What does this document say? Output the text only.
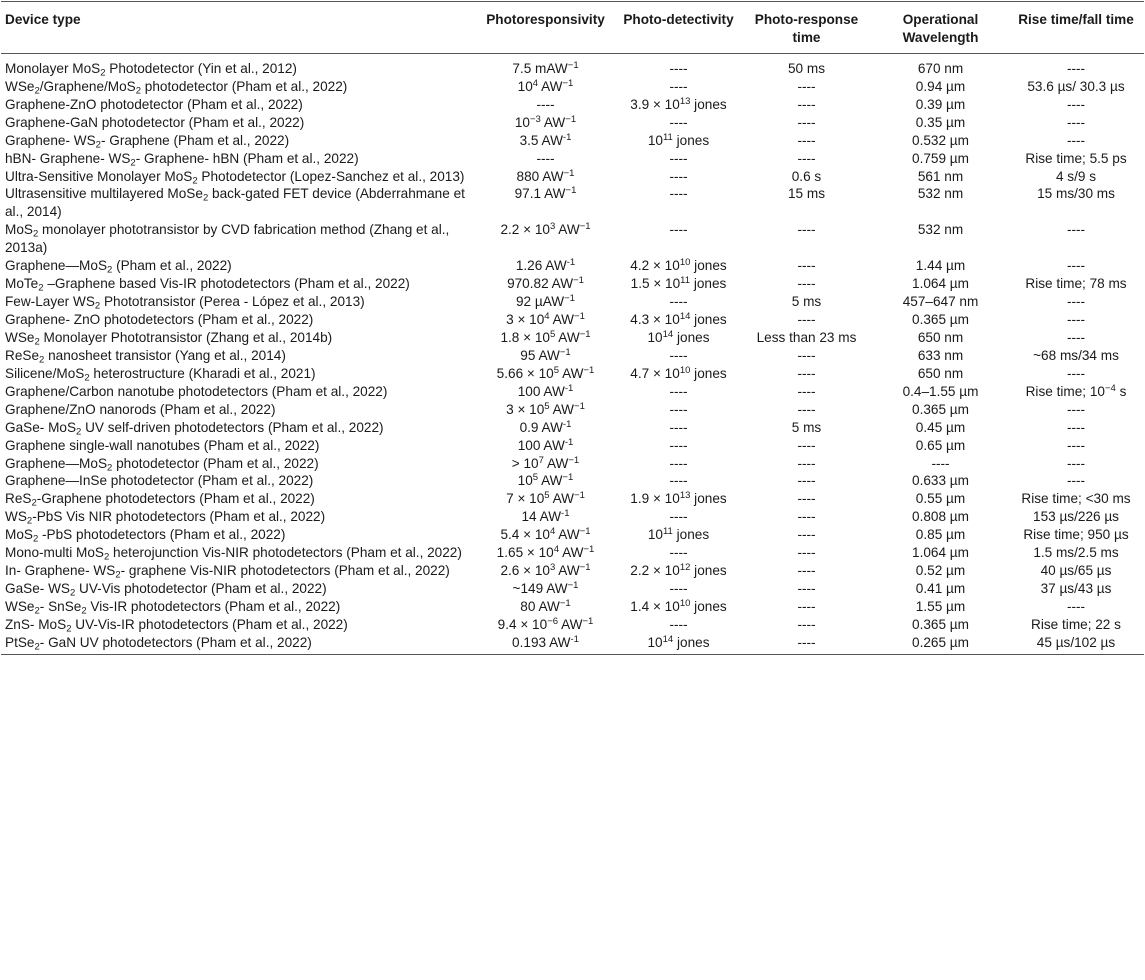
Device type	Photoresponsivity	Photo-detectivity	Photo-response time	Operational Wavelength	Rise time/fall time
Monolayer MoS$_2$ Photodetector (Yin et al., 2012)	7.5 mAW$^{-1}$	----	50 ms	670 nm	----
WSe$_2$/Graphene/MoS$_2$ photodetector (Pham et al., 2022)	$10^4$ $AW^{-1}$	----	----	0.94 µm	53.6 µs/ 30.3 µs
Graphene-ZnO photodetector (Pham et al., 2022)	----	$3.9 \times 10^{13}$ jones	----	0.39 µm	----
Graphene-GaN photodetector (Pham et al., 2022)	$10^{-3}$ $AW^{-1}$	----	----	0.35 µm	----
Graphene- $WS_2-$ Graphene (Pham et al., 2022)	3.5 $AW^{-1}$	$10^{11}$ jones	----	0.532 µm	----
hBN- Graphene- $WS_2-$ Graphene- hBN (Pham et al., 2022)	----	----	----	0.759 µm	Rise time; 5.5 ps
Ultra-Sensitive Monolayer MoS$_2$ Photodetector (Lopez-Sanchez et al., 2013)	880 $AW^{-1}$	----	0.6 s	561 nm	4 s/9 s
Ultrasensitive multilayered MoSe$_2$ back-gated FET device (Abderrahmane et al., 2014)	97.1 $AW^{-1}$	----	15 ms	532 nm	15 ms/30 ms
MoS$_2$ monolayer phototransistor by CVD fabrication method (Zhang et al., 2013a)	$2.2 \times 10^3$ $AW^{-1}$	----	----	532 nm	----
Graphene—MoS$_2$ (Pham et al., 2022)	1.26 $AW^{-1}$	$4.2 \times 10^{10}$ jones	----	1.44 µm	----
MoTe$_2$ –Graphene based Vis-IR photodetectors (Pham et al., 2022)	970.82 $AW^{-1}$	$1.5 \times 10^{11}$ jones	----	1.064 µm	Rise time; 78 ms
Few-Layer $WS_2$ Phototransistor (Perea - López et al., 2013)	92 µAW$^{-1}$	----	5 ms	457–647 nm	----
Graphene- ZnO photodetectors (Pham et al., 2022)	$3 \times 10^4$ $AW^{-1}$	$4.3 \times 10^{14}$ jones	----	0.365 µm	----
WSe$_2$ Monolayer Phototransistor (Zhang et al., 2014b)	$1.8 \times 10^5$ $AW^{-1}$	$10^{14}$ jones	Less than 23 ms	650 nm	----
ReSe$_2$ nanosheet transistor (Yang et al., 2014)	95 $AW^{-1}$	----	----	633 nm	~68 ms/34 ms
Silicene/MoS$_2$ heterostructure (Kharadi et al., 2021)	$5.66 \times 10^5$ $AW^{-1}$	$4.7 \times 10^{10}$ jones	----	650 nm	----
Graphene/Carbon nanotube photodetectors (Pham et al., 2022)	100 $AW^{-1}$	----	----	0.4–1.55 µm	Rise time; $10^{-4}$ s
Graphene/ZnO nanorods (Pham et al., 2022)	$3 \times 10^5$ $AW^{-1}$	----	----	0.365 µm	----
GaSe- MoS$_2$ UV self-driven photodetectors (Pham et al., 2022)	0.9 $AW^{-1}$	----	5 ms	0.45 µm	----
Graphene single-wall nanotubes (Pham et al., 2022)	100 $AW^{-1}$	----	----	0.65 µm	----
Graphene—MoS$_2$ photodetector (Pham et al., 2022)	> $10^7$ $AW^{-1}$	----	----	----	----
Graphene—InSe photodetector (Pham et al., 2022)	$10^5$ $AW^{-1}$	----	----	0.633 µm	----
ReS$_2$-Graphene photodetectors (Pham et al., 2022)	$7 \times 10^5$ $AW^{-1}$	$1.9 \times 10^{13}$ jones	----	0.55 µm	Rise time; <30 ms
$WS_2$-PbS Vis NIR photodetectors (Pham et al., 2022)	14 $AW^{-1}$	----	----	0.808 µm	153 µs/226 µs
MoS$_2$ -PbS photodetectors (Pham et al., 2022)	$5.4 \times 10^4$ $AW^{-1}$	$10^{11}$ jones	----	0.85 µm	Rise time; 950 µs
Mono-multi MoS$_2$ heterojunction Vis-NIR photodetectors (Pham et al., 2022)	$1.65 \times 10^4$ $AW^{-1}$	----	----	1.064 µm	1.5 ms/2.5 ms
In- Graphene- $WS_2-$ graphene Vis-NIR photodetectors (Pham et al., 2022)	$2.6 \times 10^3$ $AW^{-1}$	$2.2 \times 10^{12}$ jones	----	0.52 µm	40 µs/65 µs
GaSe- $WS_2$ UV-Vis photodetector (Pham et al., 2022)	~149 $AW^{-1}$	----	----	0.41 µm	37 µs/43 µs
WSe$_2$- SnSe$_2$ Vis-IR photodetectors (Pham et al., 2022)	80 $AW^{-1}$	$1.4 \times 10^{10}$ jones	----	1.55 µm	----
ZnS- MoS$_2$ UV-Vis-IR photodetectors (Pham et al., 2022)	$9.4 \times 10^{-6}$ $AW^{-1}$	----	----	0.365 µm	Rise time; 22 s
PtSe$_2$- GaN UV photodetectors (Pham et al., 2022)	0.193 $AW^{-1}$	$10^{14}$ jones	----	0.265 µm	45 µs/102 µs
